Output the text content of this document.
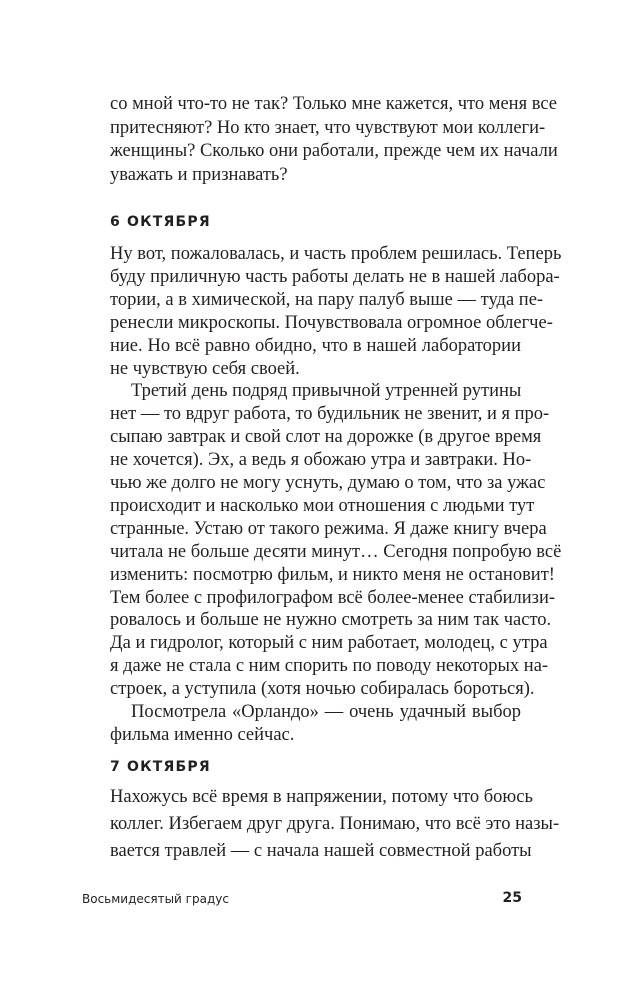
со мной что-то не так? Только мне кажется, что меня все
притесняют? Но кто знает, что чувствуют мои коллеги-
женщины? Сколько они работали, прежде чем их начали
уважать и признавать?
6 ОКТЯБРЯ
Ну вот, пожаловалась, и часть проблем решилась. Теперь
буду приличную часть работы делать не в нашей лабора-
тории, а в химической, на пару палуб выше — туда пе-
ренесли микроскопы. Почувствовала огромное облегче-
ние. Но всё равно обидно, что в нашей лаборатории
не чувствую себя своей.
Третий день подряд привычной утренней рутины
нет — то вдруг работа, то будильник не звенит, и я про-
сыпаю завтрак и свой слот на дорожке (в другое время
не хочется). Эх, а ведь я обожаю утра и завтраки. Но-
чью же долго не могу уснуть, думаю о том, что за ужас
происходит и насколько мои отношения с людьми тут
странные. Устаю от такого режима. Я даже книгу вчера
читала не больше десяти минут… Сегодня попробую всё
изменить: посмотрю фильм, и никто меня не остановит!
Тем более с профилографом всё более-менее стабилизи-
ровалось и больше не нужно смотреть за ним так часто.
Да и гидролог, который с ним работает, молодец, с утра
я даже не стала с ним спорить по поводу некоторых на-
строек, а уступила (хотя ночью собиралась бороться).
Посмотрела «Орландо» — очень удачный выбор
фильма именно сейчас.
7 ОКТЯБРЯ
Нахожусь всё время в напряжении, потому что боюсь
коллег. Избегаем друг друга. Понимаю, что всё это назы-
вается травлей — с начала нашей совместной работы
Восьмидесятый градус	25
